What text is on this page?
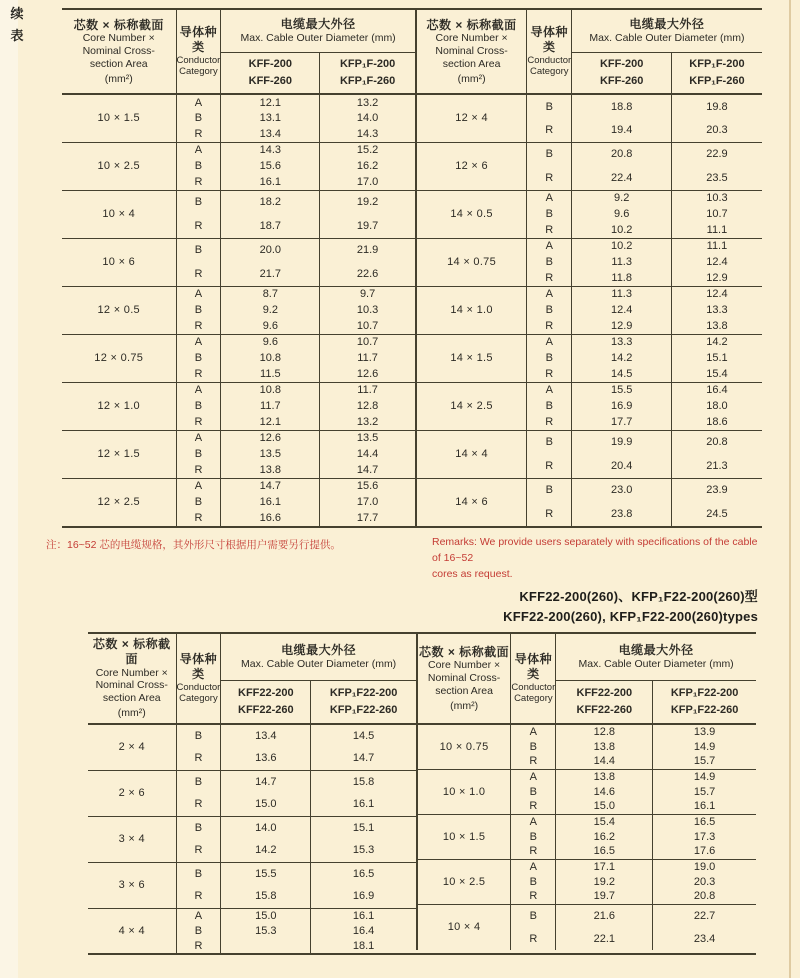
续
表
芯数 × 标称截面
Core Number ×
Nominal Cross-
section Area
(mm²)

导体种
类
Conductor
Category

电缆最大外径
Max. Cable Outer Diameter (mm)

KFF-200
KFF-260

KFP₁F-200
KFP₁F-260

10 × 1.5	A	12.1	13.2
	B	13.1	14.0
	R	13.4	14.3
10 × 2.5	A	14.3	15.2
	B	15.6	16.2
	R	16.1	17.0
10 × 4	B	18.2	19.2
	R	18.7	19.7
10 × 6	B	20.0	21.9
	R	21.7	22.6
12 × 0.5	A	8.7	9.7
	B	9.2	10.3
	R	9.6	10.7
12 × 0.75	A	9.6	10.7
	B	10.8	11.7
	R	11.5	12.6
12 × 1.0	A	10.8	11.7
	B	11.7	12.8
	R	12.1	13.2
12 × 1.5	A	12.6	13.5
	B	13.5	14.4
	R	13.8	14.7
12 × 2.5	A	14.7	15.6
	B	16.1	17.0
	R	16.6	17.7
芯数 × 标称截面
Core Number ×
Nominal Cross-
section Area
(mm²)

导体种
类
Conductor
Category

电缆最大外径
Max. Cable Outer Diameter (mm)

KFF-200
KFF-260

KFP₁F-200
KFP₁F-260

12 × 4	B	18.8	19.8
	R	19.4	20.3
12 × 6	B	20.8	22.9
	R	22.4	23.5
14 × 0.5	A	9.2	10.3
	B	9.6	10.7
	R	10.2	11.1
14 × 0.75	A	10.2	11.1
	B	11.3	12.4
	R	11.8	12.9
14 × 1.0	A	11.3	12.4
	B	12.4	13.3
	R	12.9	13.8
14 × 1.5	A	13.3	14.2
	B	14.2	15.1
	R	14.5	15.4
14 × 2.5	A	15.5	16.4
	B	16.9	18.0
	R	17.7	18.6
14 × 4	B	19.9	20.8
	R	20.4	21.3
14 × 6	B	23.0	23.9
	R	23.8	24.5
注：16~52 芯的电缆规格，其外形尺寸根据用户需要另行提供。	Remarks: We provide users separately with specifications of the cable of 16~52
cores as request.
KFF22-200(260)、KFP₁F22-200(260)型
KFF22-200(260), KFP₁F22-200(260)types
芯数 × 标称截面
Core Number ×
Nominal Cross-
section Area
(mm²)

导体种
类
Conductor
Category

电缆最大外径
Max. Cable Outer Diameter (mm)

KFF22-200
KFF22-260

KFP₁F22-200
KFP₁F22-260

2 × 4	B	13.4	14.5
	R	13.6	14.7
2 × 6	B	14.7	15.8
	R	15.0	16.1
3 × 4	B	14.0	15.1
	R	14.2	15.3
3 × 6	B	15.5	16.5
	R	15.8	16.9
4 × 4	A	15.0	16.1
	B	15.3	16.4
	R		18.1
芯数 × 标称截面
Core Number ×
Nominal Cross-
section Area
(mm²)

导体种
类
Conductor
Category

电缆最大外径
Max. Cable Outer Diameter (mm)

KFF22-200
KFF22-260

KFP₁F22-200
KFP₁F22-260

10 × 0.75	A	12.8	13.9
	B	13.8	14.9
	R	14.4	15.7
10 × 1.0	A	13.8	14.9
	B	14.6	15.7
	R	15.0	16.1
10 × 1.5	A	15.4	16.5
	B	16.2	17.3
	R	16.5	17.6
10 × 2.5	A	17.1	19.0
	B	19.2	20.3
	R	19.7	20.8
10 × 4	B	21.6	22.7
	R	22.1	23.4
